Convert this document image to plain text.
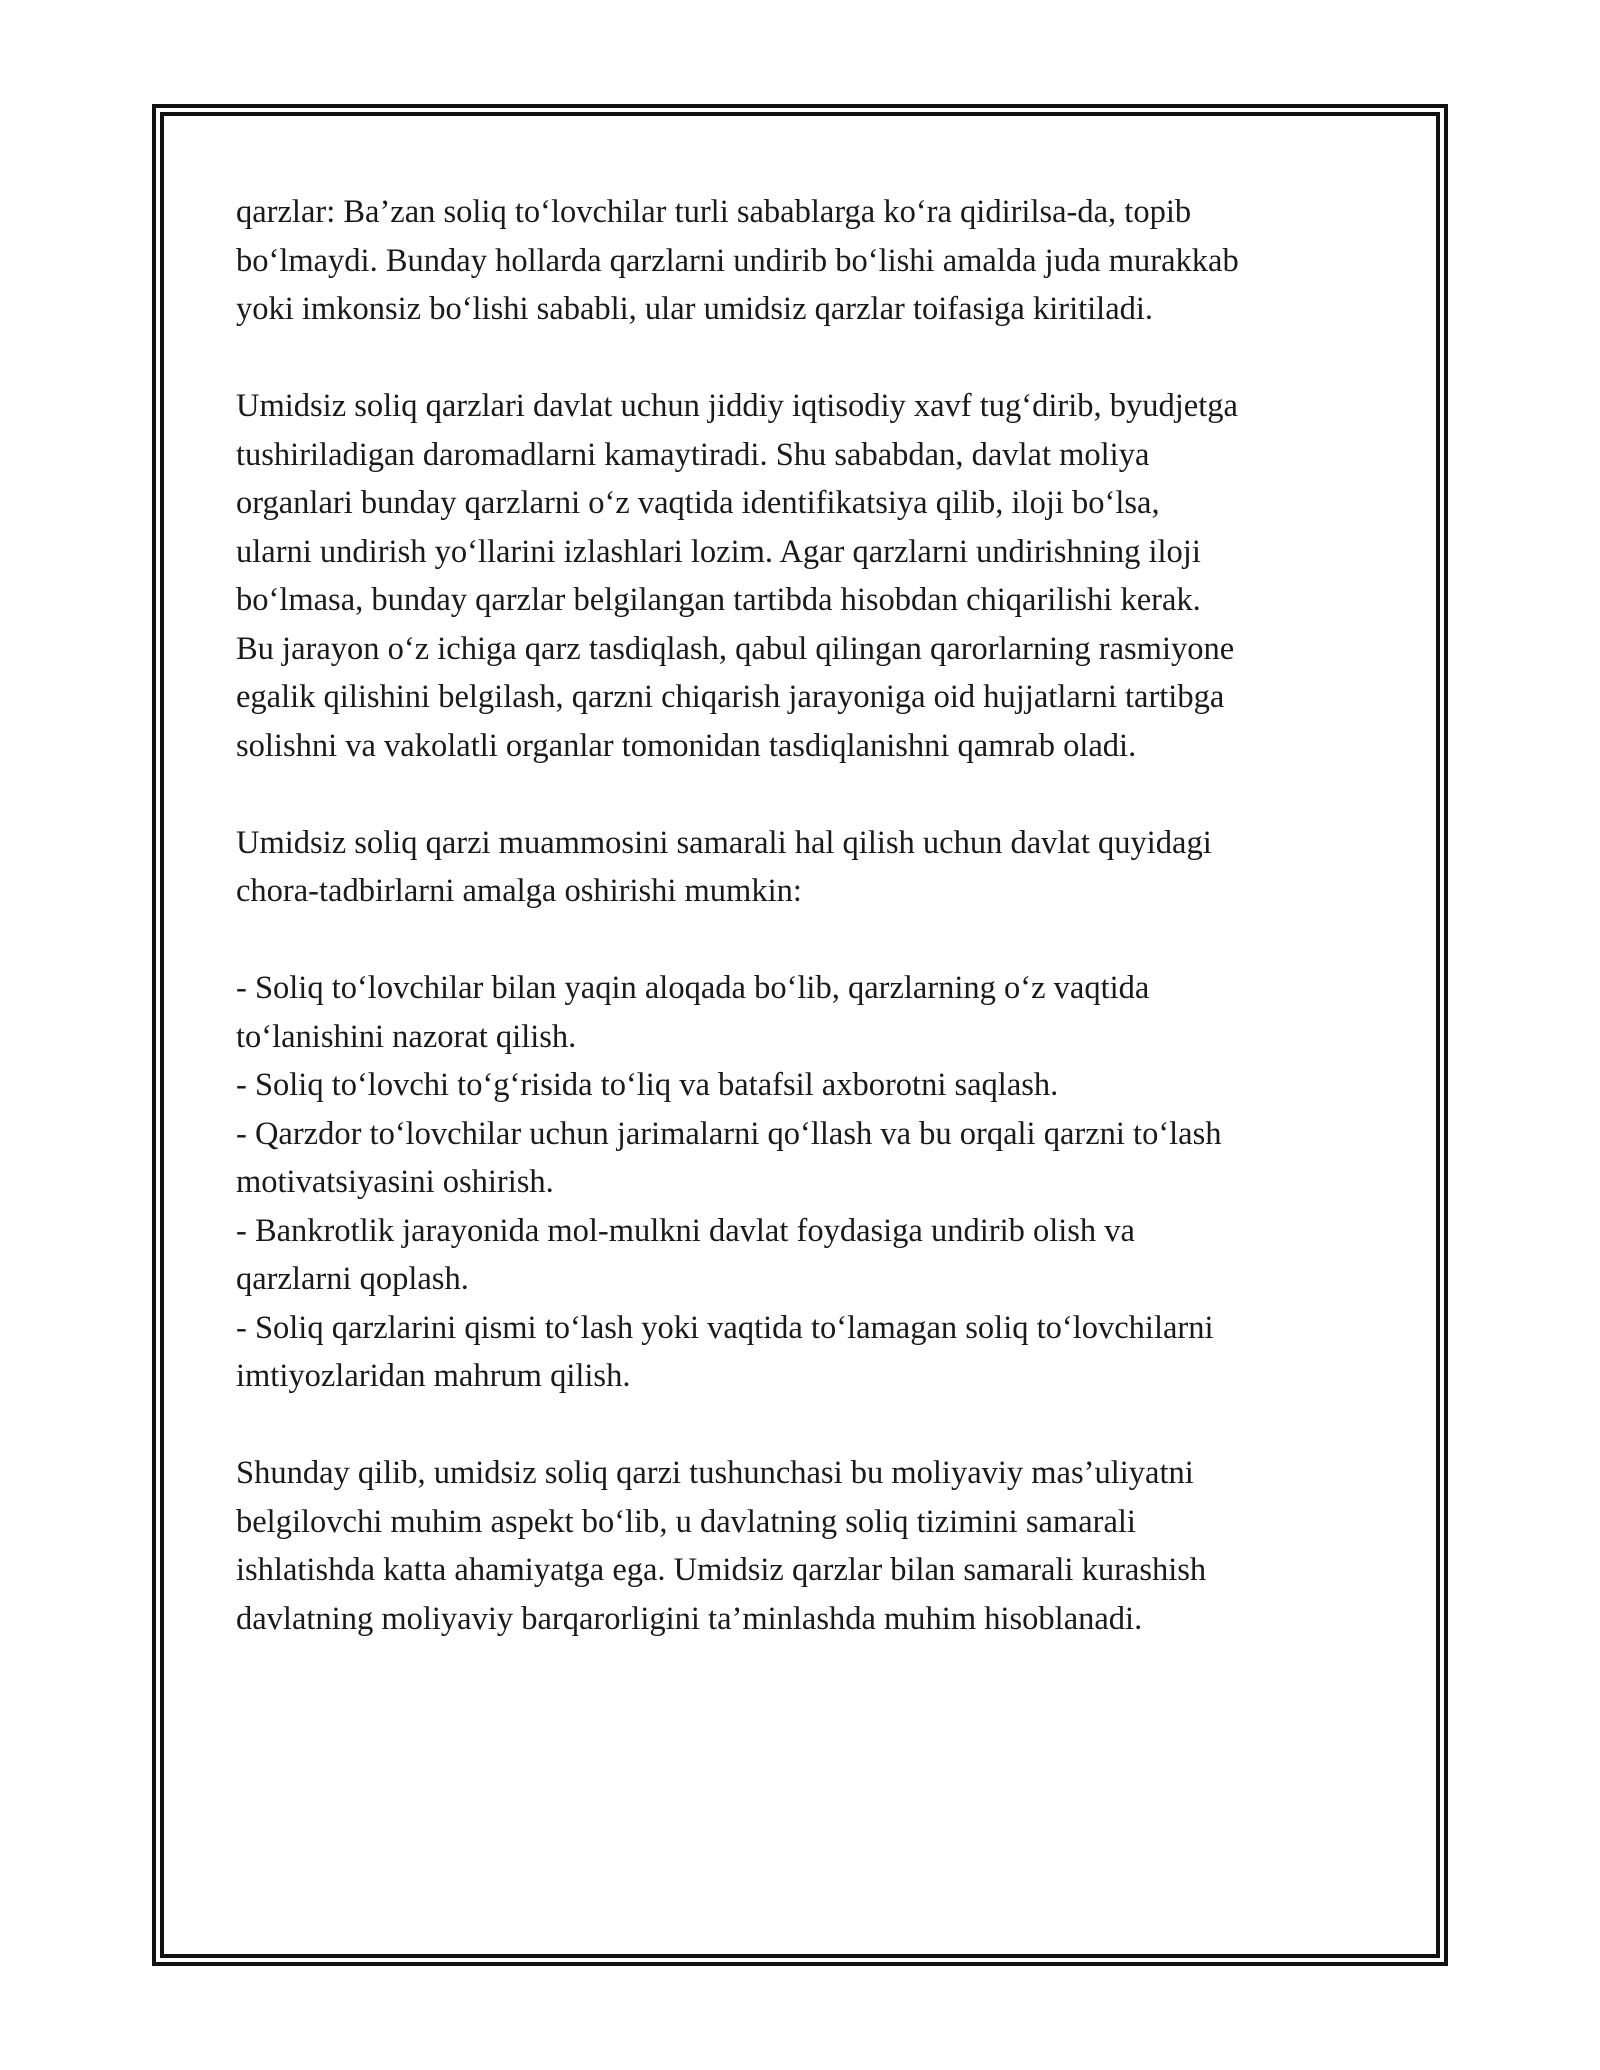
qarzlar: Ba’zan soliq to‘lovchilar turli sabablarga ko‘ra qidirilsa-da, topib
bo‘lmaydi. Bunday hollarda qarzlarni undirib bo‘lishi amalda juda murakkab
yoki imkonsiz bo‘lishi sababli, ular umidsiz qarzlar toifasiga kiritiladi.

Umidsiz soliq qarzlari davlat uchun jiddiy iqtisodiy xavf tug‘dirib, byudjetga
tushiriladigan daromadlarni kamaytiradi. Shu sababdan, davlat moliya
organlari bunday qarzlarni o‘z vaqtida identifikatsiya qilib, iloji bo‘lsa,
ularni undirish yo‘llarini izlashlari lozim. Agar qarzlarni undirishning iloji
bo‘lmasa, bunday qarzlar belgilangan tartibda hisobdan chiqarilishi kerak.
Bu jarayon o‘z ichiga qarz tasdiqlash, qabul qilingan qarorlarning rasmiyone
egalik qilishini belgilash, qarzni chiqarish jarayoniga oid hujjatlarni tartibga
solishni va vakolatli organlar tomonidan tasdiqlanishni qamrab oladi.

Umidsiz soliq qarzi muammosini samarali hal qilish uchun davlat quyidagi
chora-tadbirlarni amalga oshirishi mumkin:

- Soliq to‘lovchilar bilan yaqin aloqada bo‘lib, qarzlarning o‘z vaqtida
to‘lanishini nazorat qilish.
- Soliq to‘lovchi to‘g‘risida to‘liq va batafsil axborotni saqlash.
- Qarzdor to‘lovchilar uchun jarimalarni qo‘llash va bu orqali qarzni to‘lash
motivatsiyasini oshirish.
- Bankrotlik jarayonida mol-mulkni davlat foydasiga undirib olish va
qarzlarni qoplash.
- Soliq qarzlarini qismi to‘lash yoki vaqtida to‘lamagan soliq to‘lovchilarni
imtiyozlaridan mahrum qilish.

Shunday qilib, umidsiz soliq qarzi tushunchasi bu moliyaviy mas’uliyatni
belgilovchi muhim aspekt bo‘lib, u davlatning soliq tizimini samarali
ishlatishda katta ahamiyatga ega. Umidsiz qarzlar bilan samarali kurashish
davlatning moliyaviy barqarorligini ta’minlashda muhim hisoblanadi.
